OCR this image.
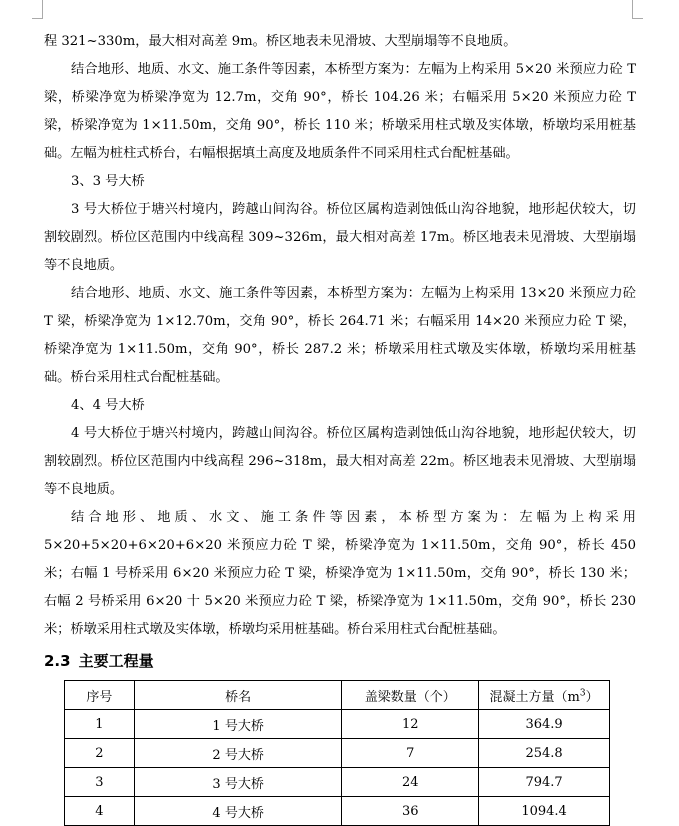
程 321~330m，最大相对高差 9m。桥区地表未见滑坡、大型崩塌等不良地质。

结合地形、地质、水文、施工条件等因素，本桥型方案为：左幅为上构采用 5×20 米预应力砼 T 梁，桥梁净宽为桥梁净宽为 12.7m，交角 90°，桥长 104.26 米；右幅采用 5×20 米预应力砼 T 梁，桥梁净宽为 1×11.50m，交角 90°，桥长 110 米；桥墩采用柱式墩及实体墩，桥墩均采用桩基础。左幅为桩柱式桥台，右幅根据填土高度及地质条件不同采用柱式台配桩基础。

3、3 号大桥

3 号大桥位于塘兴村境内，跨越山间沟谷。桥位区属构造剥蚀低山沟谷地貌，地形起伏较大，切割较剧烈。桥位区范围内中线高程 309~326m，最大相对高差 17m。桥区地表未见滑坡、大型崩塌等不良地质。

结合地形、地质、水文、施工条件等因素，本桥型方案为：左幅为上构采用 13×20 米预应力砼 T 梁，桥梁净宽为 1×12.70m，交角 90°，桥长 264.71 米；右幅采用 14×20 米预应力砼 T 梁，桥梁净宽为 1×11.50m，交角 90°，桥长 287.2 米；桥墩采用柱式墩及实体墩，桥墩均采用桩基础。桥台采用柱式台配桩基础。

4、4 号大桥

4 号大桥位于塘兴村境内，跨越山间沟谷。桥位区属构造剥蚀低山沟谷地貌，地形起伏较大，切割较剧烈。桥位区范围内中线高程 296~318m，最大相对高差 22m。桥区地表未见滑坡、大型崩塌等不良地质。

结合地形、地质、水文、施工条件等因素，本桥型方案为：左幅为上构采用 5×20+5×20+6×20+6×20 米预应力砼 T 梁，桥梁净宽为 1×11.50m，交角 90°，桥长 450 米；右幅 1 号桥采用 6×20 米预应力砼 T 梁，桥梁净宽为 1×11.50m，交角 90°，桥长 130 米；右幅 2 号桥采用 6×20 十 5×20 米预应力砼 T 梁，桥梁净宽为 1×11.50m，交角 90°，桥长 230 米；桥墩采用柱式墩及实体墩，桥墩均采用桩基础。桥台采用柱式台配桩基础。

2.3 主要工程量
序号	桥名	盖梁数量（个）	混凝土方量$(m^3)$
1	1 号大桥	12	364.9
2	2 号大桥	7	254.8
3	3 号大桥	24	794.7
4	4 号大桥	36	1094.4
